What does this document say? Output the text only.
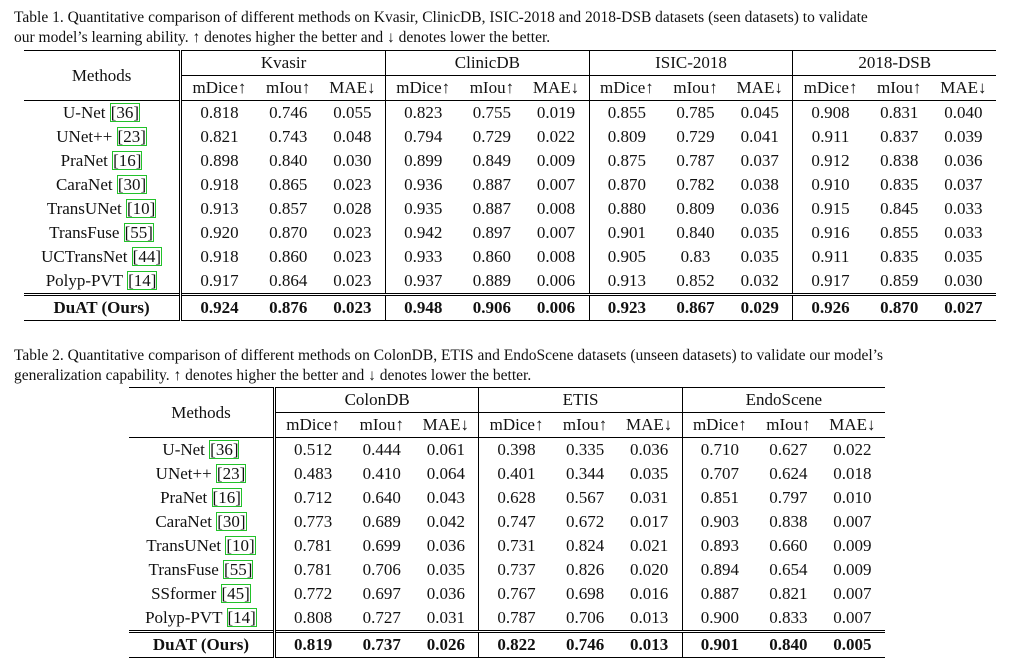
Table 1. Quantitative comparison of different methods on Kvasir, ClinicDB, ISIC-2018 and 2018-DSB datasets (seen datasets) to validate
our model’s learning ability. ↑ denotes higher the better and ↓ denotes lower the better.
Methods	Kvasir			ClinicDB			ISIC-2018			2018-DSB		
	mDice↑	mIou↑	MAE↓	mDice↑	mIou↑	MAE↓	mDice↑	mIou↑	MAE↓	mDice↑	mIou↑	MAE↓
U-Net [36]	0.818	0.746	0.055	0.823	0.755	0.019	0.855	0.785	0.045	0.908	0.831	0.040
UNet++ [23]	0.821	0.743	0.048	0.794	0.729	0.022	0.809	0.729	0.041	0.911	0.837	0.039
PraNet [16]	0.898	0.840	0.030	0.899	0.849	0.009	0.875	0.787	0.037	0.912	0.838	0.036
CaraNet [30]	0.918	0.865	0.023	0.936	0.887	0.007	0.870	0.782	0.038	0.910	0.835	0.037
TransUNet [10]	0.913	0.857	0.028	0.935	0.887	0.008	0.880	0.809	0.036	0.915	0.845	0.033
TransFuse [55]	0.920	0.870	0.023	0.942	0.897	0.007	0.901	0.840	0.035	0.916	0.855	0.033
UCTransNet [44]	0.918	0.860	0.023	0.933	0.860	0.008	0.905	0.83	0.035	0.911	0.835	0.035
Polyp-PVT [14]	0.917	0.864	0.023	0.937	0.889	0.006	0.913	0.852	0.032	0.917	0.859	0.030
DuAT (Ours)	0.924	0.876	0.023	0.948	0.906	0.006	0.923	0.867	0.029	0.926	0.870	0.027
Table 2. Quantitative comparison of different methods on ColonDB, ETIS and EndoScene datasets (unseen datasets) to validate our model’s
generalization capability. ↑ denotes higher the better and ↓ denotes lower the better.
Methods	ColonDB			ETIS			EndoScene		
	mDice↑	mIou↑	MAE↓	mDice↑	mIou↑	MAE↓	mDice↑	mIou↑	MAE↓
U-Net [36]	0.512	0.444	0.061	0.398	0.335	0.036	0.710	0.627	0.022
UNet++ [23]	0.483	0.410	0.064	0.401	0.344	0.035	0.707	0.624	0.018
PraNet [16]	0.712	0.640	0.043	0.628	0.567	0.031	0.851	0.797	0.010
CaraNet [30]	0.773	0.689	0.042	0.747	0.672	0.017	0.903	0.838	0.007
TransUNet [10]	0.781	0.699	0.036	0.731	0.824	0.021	0.893	0.660	0.009
TransFuse [55]	0.781	0.706	0.035	0.737	0.826	0.020	0.894	0.654	0.009
SSformer [45]	0.772	0.697	0.036	0.767	0.698	0.016	0.887	0.821	0.007
Polyp-PVT [14]	0.808	0.727	0.031	0.787	0.706	0.013	0.900	0.833	0.007
DuAT (Ours)	0.819	0.737	0.026	0.822	0.746	0.013	0.901	0.840	0.005
